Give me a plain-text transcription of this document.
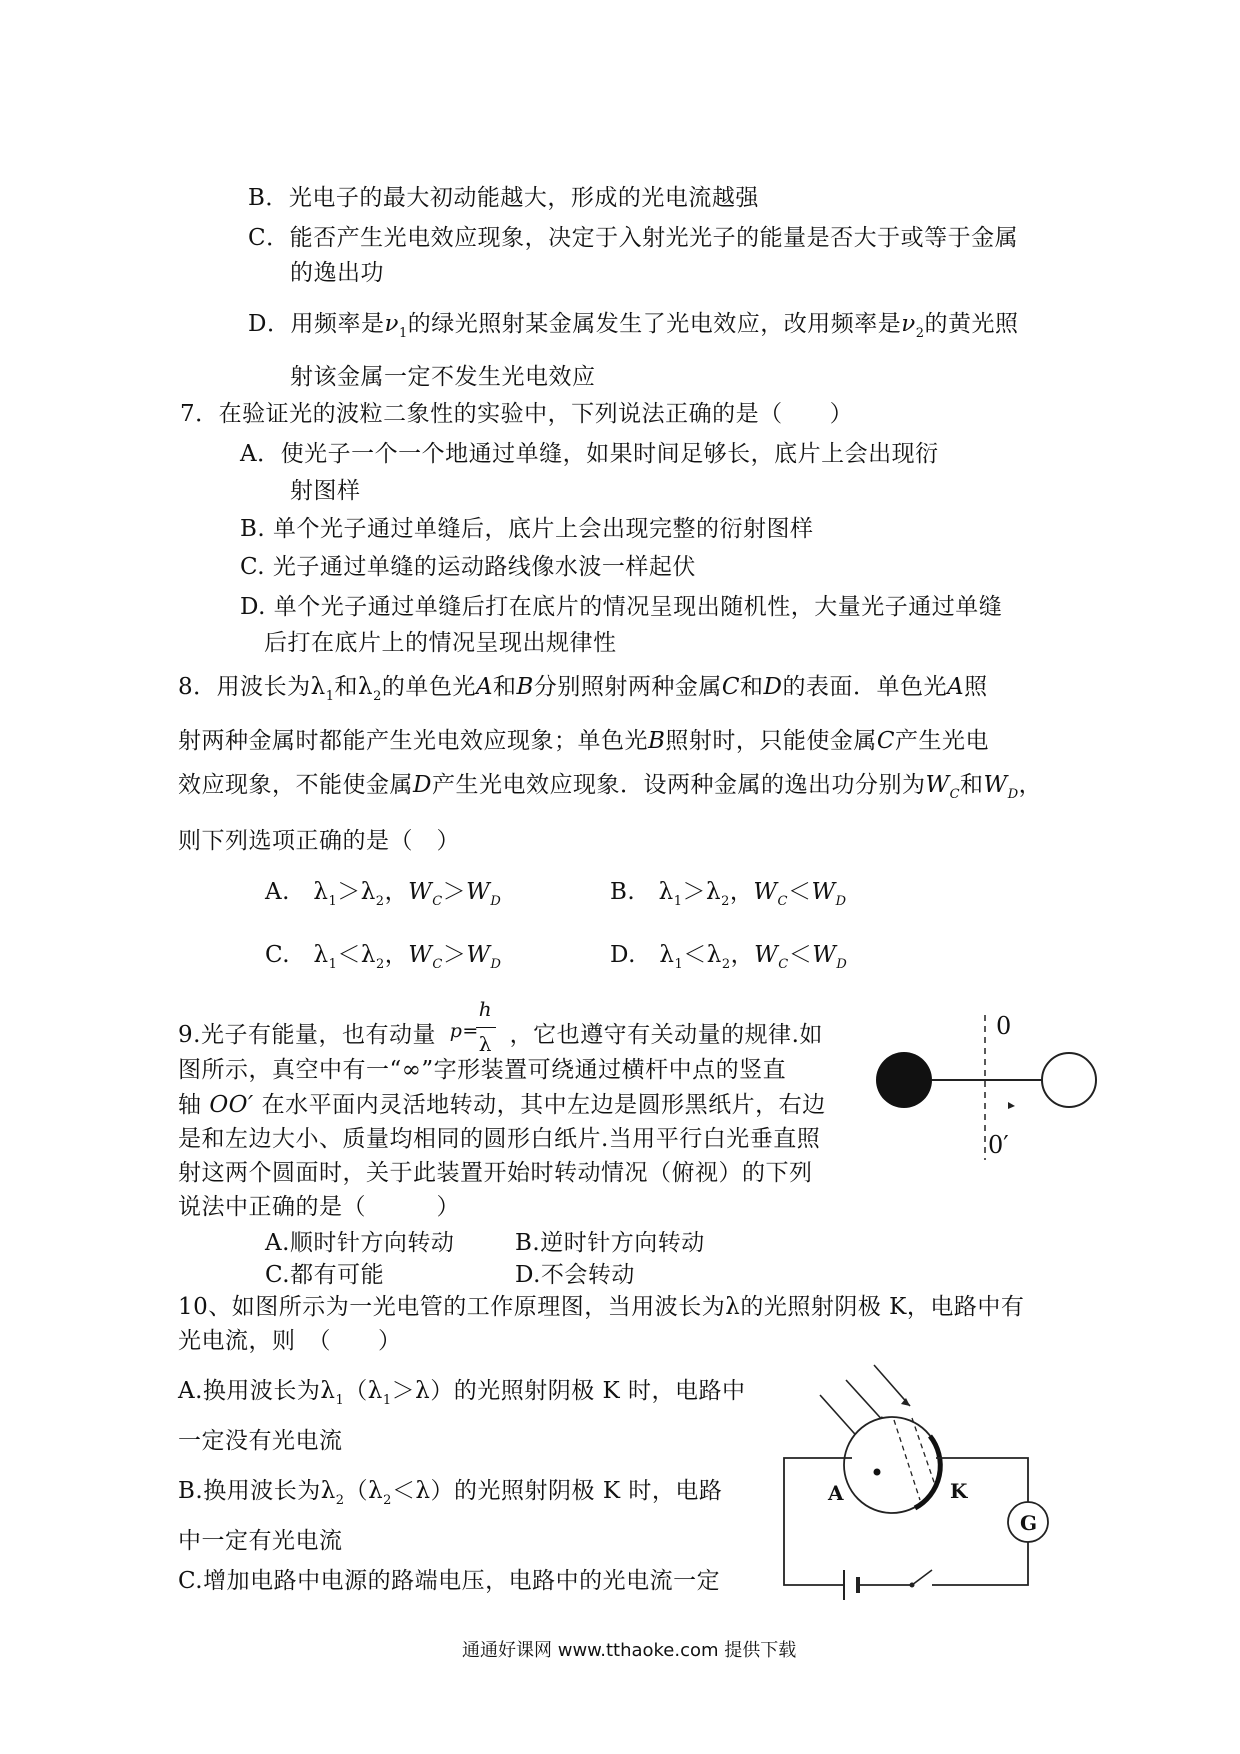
B．光电子的最大初动能越大，形成的光电流越强
C．能否产生光电效应现象，决定于入射光光子的能量是否大于或等于金属
的逸出功
D．用频率是$\nu_1$的绿光照射某金属发生了光电效应，改用频率是$\nu_2$的黄光照
射该金属一定不发生光电效应
7．在验证光的波粒二象性的实验中，下列说法正确的是（　　）
A．使光子一个一个地通过单缝，如果时间足够长，底片上会出现衍
射图样
B. 单个光子通过单缝后，底片上会出现完整的衍射图样
C. 光子通过单缝的运动路线像水波一样起伏
D. 单个光子通过单缝后打在底片的情况呈现出随机性，大量光子通过单缝
后打在底片上的情况呈现出规律性
8．用波长为$\lambda_1$和$\lambda_2$的单色光A和B分别照射两种金属C和D的表面．单色光A照
射两种金属时都能产生光电效应现象；单色光B照射时，只能使金属C产生光电
效应现象，不能使金属D产生光电效应现象．设两种金属的逸出功分别为$W_C$和$W_D$，
则下列选项正确的是（　）
A. $\lambda_1>\lambda_2$，$W_C>W_D$	B. $\lambda_1>\lambda_2$，$W_C<W_D$
C. $\lambda_1<\lambda_2$，$W_C>W_D$	D. $\lambda_1<\lambda_2$，$W_C<W_D$
9.光子有能量，也有动量 p=
h
λ ，它也遵守有关动量的规律.如
图所示，真空中有一“∞”字形装置可绕通过横杆中点的竖直
轴 OO′ 在水平面内灵活地转动，其中左边是圆形黑纸片，右边
是和左边大小、质量均相同的圆形白纸片.当用平行白光垂直照
射这两个圆面时，关于此装置开始时转动情况（俯视）的下列
说法中正确的是（　　　）
A.顺时针方向转动	B.逆时针方向转动
C.都有可能	D.不会转动
0
0′
10、如图所示为一光电管的工作原理图，当用波长为λ的光照射阴极 K，电路中有
光电流，则　（　　）
A.换用波长为$\lambda_1(\lambda_1>\lambda)$的光照射阴极 K 时，电路中
一定没有光电流
B.换用波长为$\lambda_2(\lambda_2<\lambda)$的光照射阴极 K 时，电路
中一定有光电流
C.增加电路中电源的路端电压，电路中的光电流一定
G
A	K
通通好课网 www.tthaoke.com 提供下载
